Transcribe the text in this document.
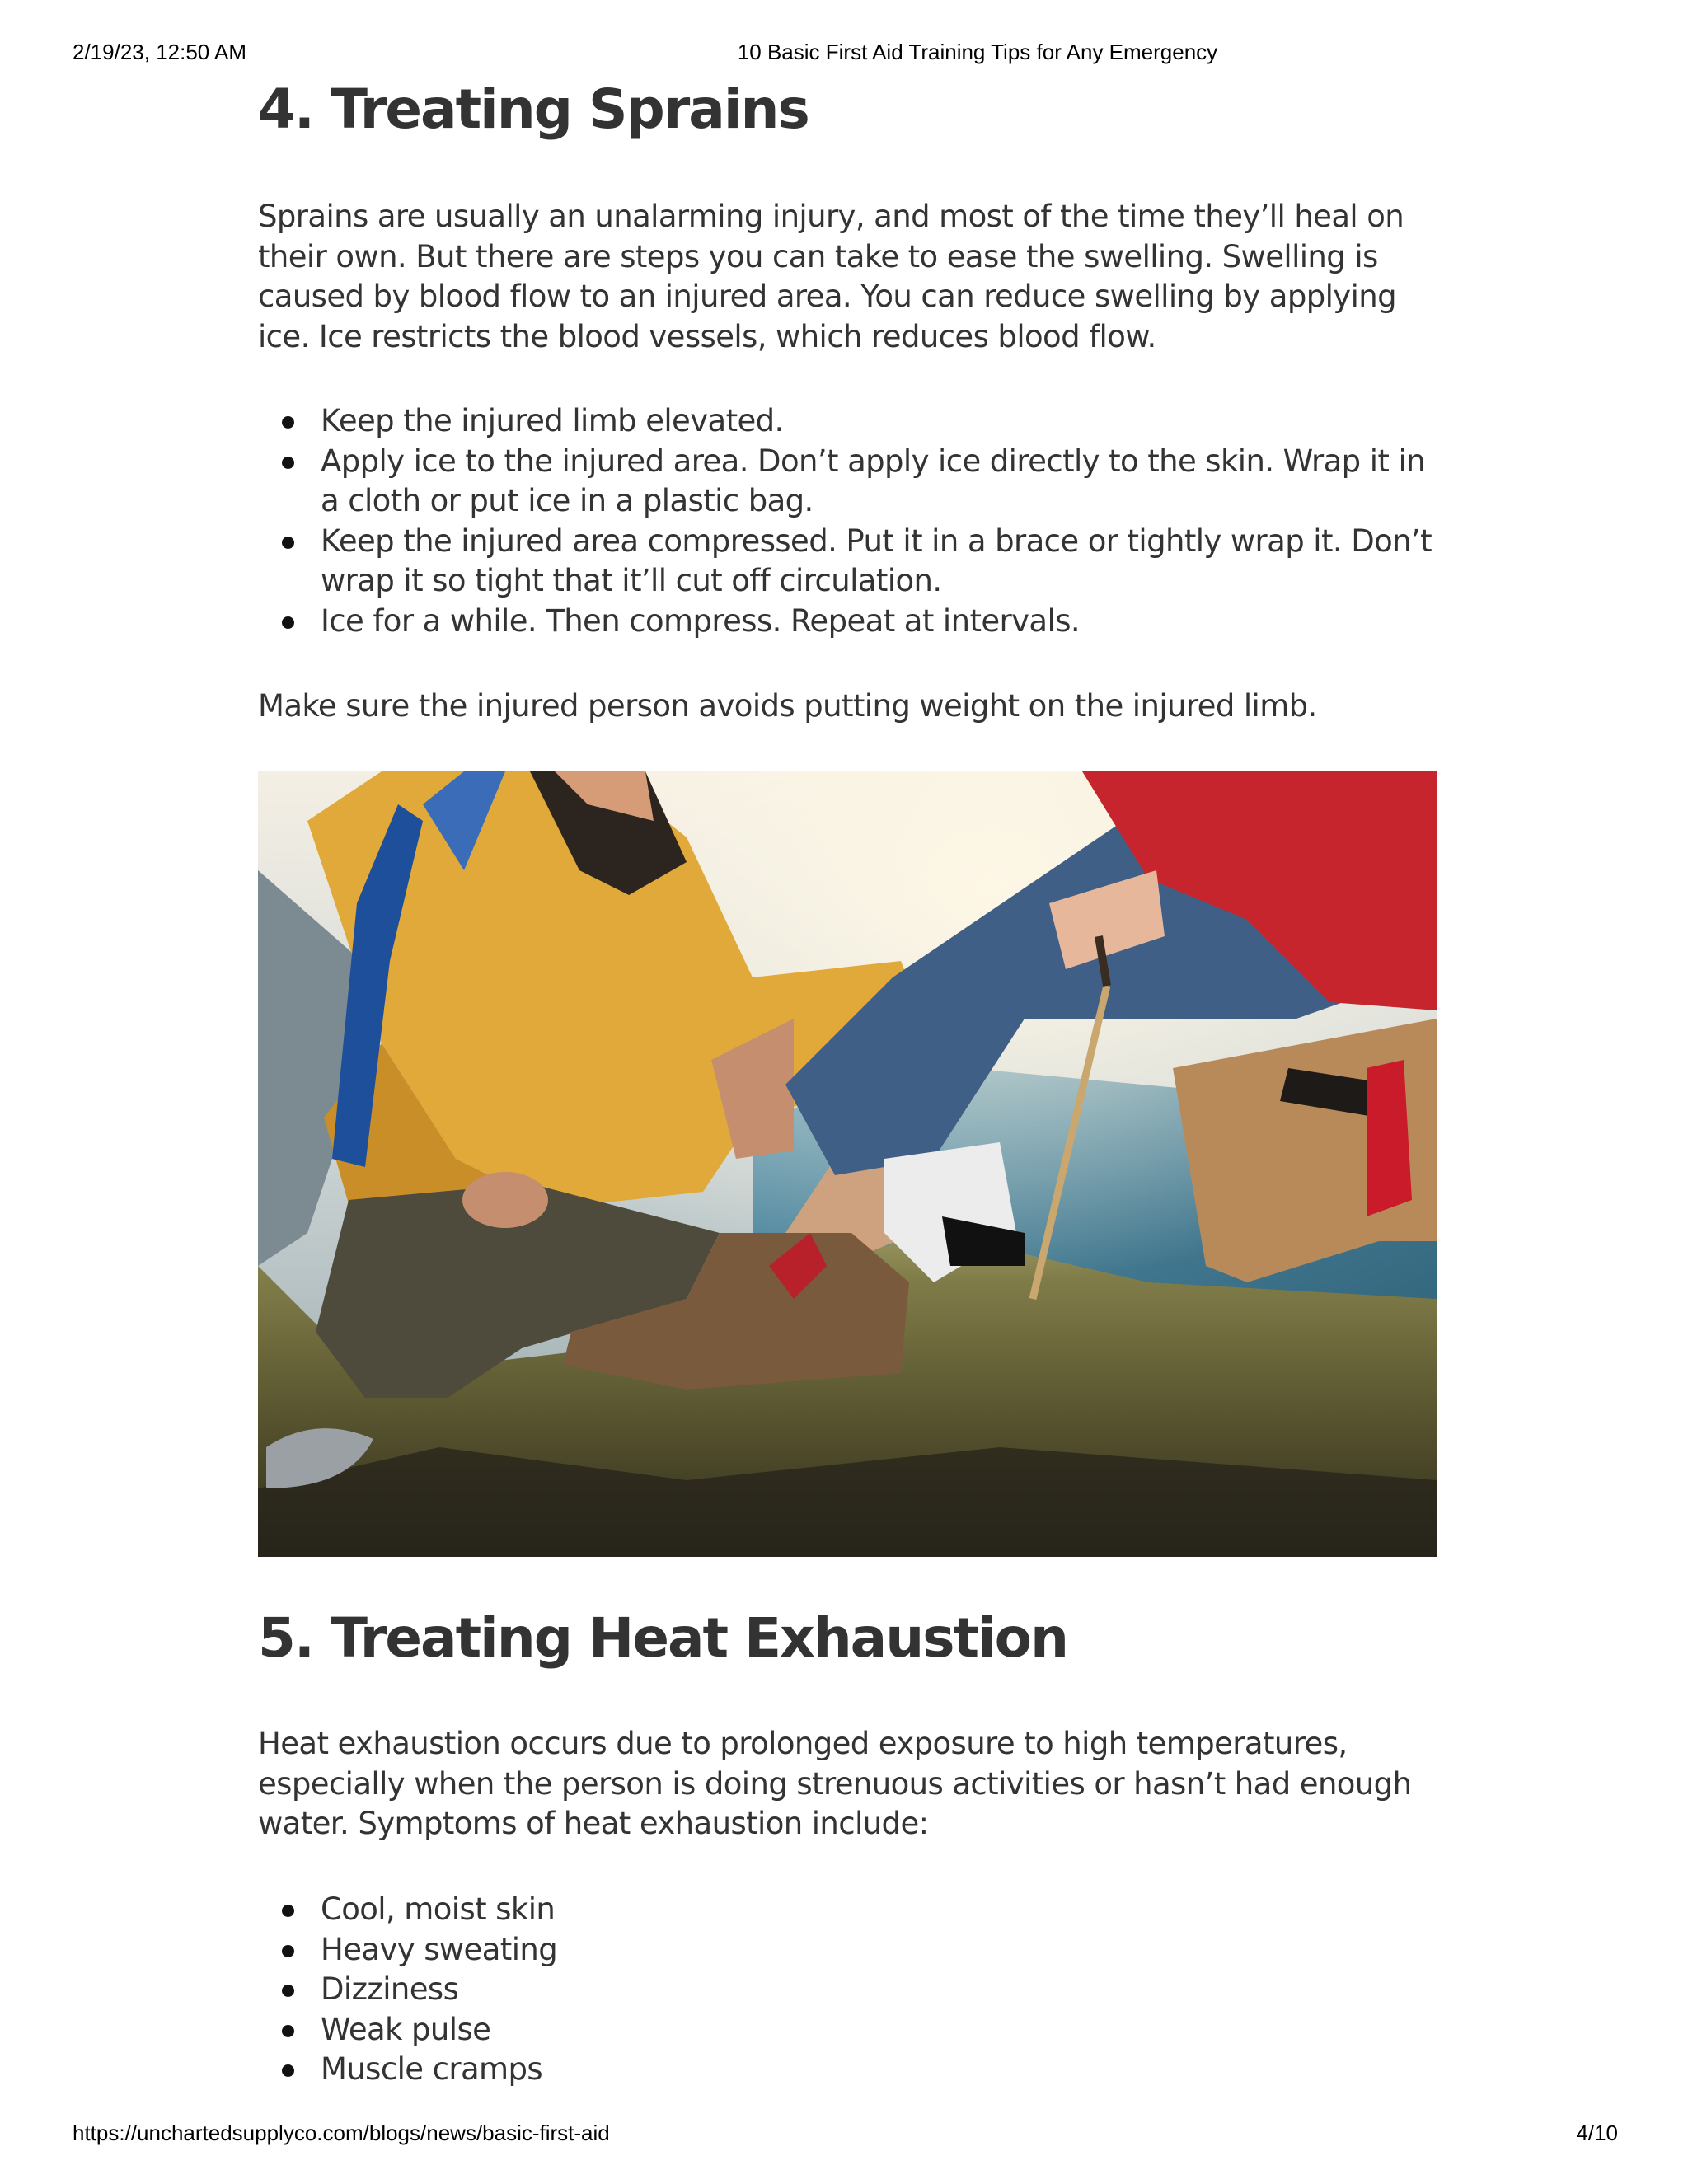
2/19/23, 12:50 AM	10 Basic First Aid Training Tips for Any Emergency
4. Treating Sprains

Sprains are usually an unalarming injury, and most of the time they’ll heal on their own. But there are steps you can take to ease the swelling. Swelling is caused by blood flow to an injured area. You can reduce swelling by applying ice. Ice restricts the blood vessels, which reduces blood flow.

Keep the injured limb elevated.
Apply ice to the injured area. Don’t apply ice directly to the skin. Wrap it in a cloth or put ice in a plastic bag.
Keep the injured area compressed. Put it in a brace or tightly wrap it. Don’t wrap it so tight that it’ll cut off circulation.
Ice for a while. Then compress. Repeat at intervals.

Make sure the injured person avoids putting weight on the injured limb.

5. Treating Heat Exhaustion

Heat exhaustion occurs due to prolonged exposure to high temperatures, especially when the person is doing strenuous activities or hasn’t had enough water. Symptoms of heat exhaustion include:

Cool, moist skin
Heavy sweating
Dizziness
Weak pulse
Muscle cramps
https://unchartedsupplyco.com/blogs/news/basic-first-aid	4/10
